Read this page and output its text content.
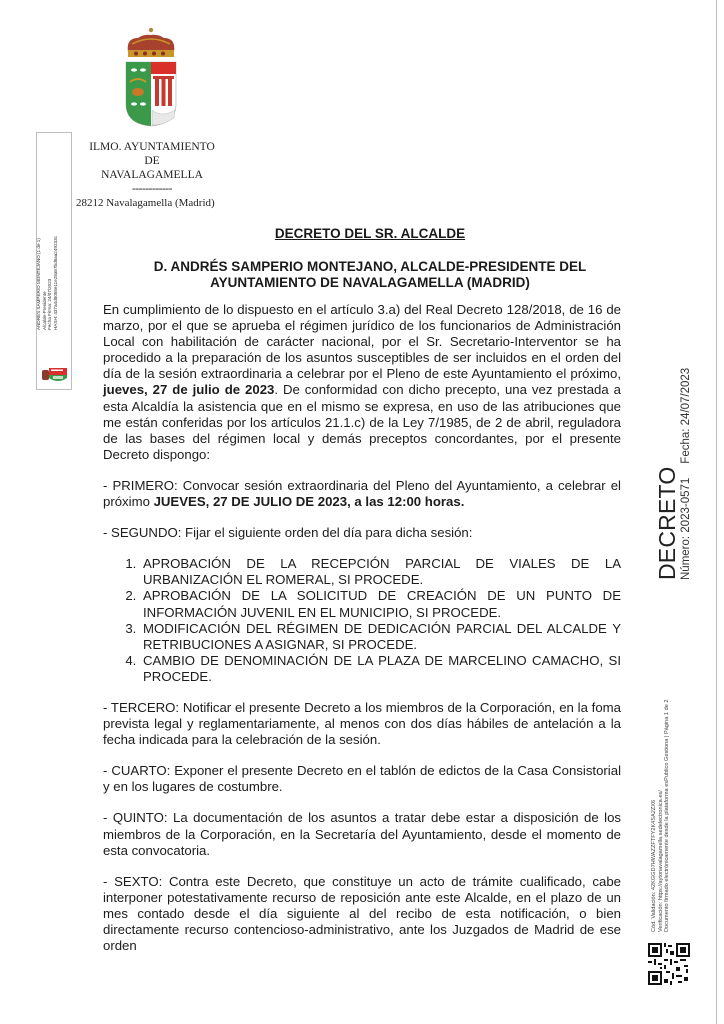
ANDRES SAMPERIO MONTEJANO (1 de 1) Alcalde-Presidente Fecha Firma: 24/07/2023 HASH: 437a4d8058e11e28a57bd6aa249233c
ILMO. AYUNTAMIENTO
DE
NAVALAGAMELLA
------------
28212 Navalagamella (Madrid)
DECRETO DEL SR. ALCALDE
D. ANDRÉS SAMPERIO MONTEJANO, ALCALDE-PRESIDENTE DEL
AYUNTAMIENTO DE NAVALAGAMELLA (MADRID)

En cumplimiento de lo dispuesto en el artículo 3.a) del Real Decreto 128/2018, de 16 de marzo, por el que se aprueba el régimen jurídico de los funcionarios de Administración Local con habilitación de carácter nacional, por el Sr. Secretario-Interventor se ha procedido a la preparación de los asuntos susceptibles de ser incluidos en el orden del día de la sesión extraordinaria a celebrar por el Pleno de este Ayuntamiento el próximo, jueves, 27 de julio de 2023. De conformidad con dicho precepto, una vez prestada a esta Alcaldía la asistencia que en el mismo se expresa, en uso de las atribuciones que me están conferidas por los artículos 21.1.c) de la Ley 7/1985, de 2 de abril, reguladora de las bases del régimen local y demás preceptos concordantes, por el presente Decreto dispongo:

- PRIMERO: Convocar sesión extraordinaria del Pleno del Ayuntamiento, a celebrar el próximo JUEVES, 27 DE JULIO DE 2023, a las 12:00 horas.

- SEGUNDO: Fijar el siguiente orden del día para dicha sesión:

1. APROBACIÓN DE LA RECEPCIÓN PARCIAL DE VIALES DE LA URBANIZACIÓN EL ROMERAL, SI PROCEDE.
2. APROBACIÓN DE LA SOLICITUD DE CREACIÓN DE UN PUNTO DE INFORMACIÓN JUVENIL EN EL MUNICIPIO, SI PROCEDE.
3. MODIFICACIÓN DEL RÉGIMEN DE DEDICACIÓN PARCIAL DEL ALCALDE Y RETRIBUCIONES A ASIGNAR, SI PROCEDE.
4. CAMBIO DE DENOMINACIÓN DE LA PLAZA DE MARCELINO CAMACHO, SI PROCEDE.

- TERCERO: Notificar el presente Decreto a los miembros de la Corporación, en la foma prevista legal y reglamentariamente, al menos con dos días hábiles de antelación a la fecha indicada para la celebración de la sesión.

- CUARTO: Exponer el presente Decreto en el tablón de edictos de la Casa Consistorial y en los lugares de costumbre.

- QUINTO: La documentación de los asuntos a tratar debe estar a disposición de los miembros de la Corporación, en la Secretaría del Ayuntamiento, desde el momento de esta convocatoria.

- SEXTO: Contra este Decreto, que constituye un acto de trámite cualificado, cabe interponer potestativamente recurso de reposición ante este Alcalde, en el plazo de un mes contado desde el día siguiente al del recibo de esta notificación, o bien directamente recurso contencioso-administrativo, ante los Juzgados de Madrid de ese orden

DECRETO Número: 2023-0571Fecha: 24/07/2023
Cód. Validación: 42KGGD7HWAZZFTFY2K4SA2ZX6 Verificación: https://aytonavalagamella.sedelectronica.es/ Documento firmado electrónicamente desde la plataforma esPublico Gestiona | Página 1 de 2
